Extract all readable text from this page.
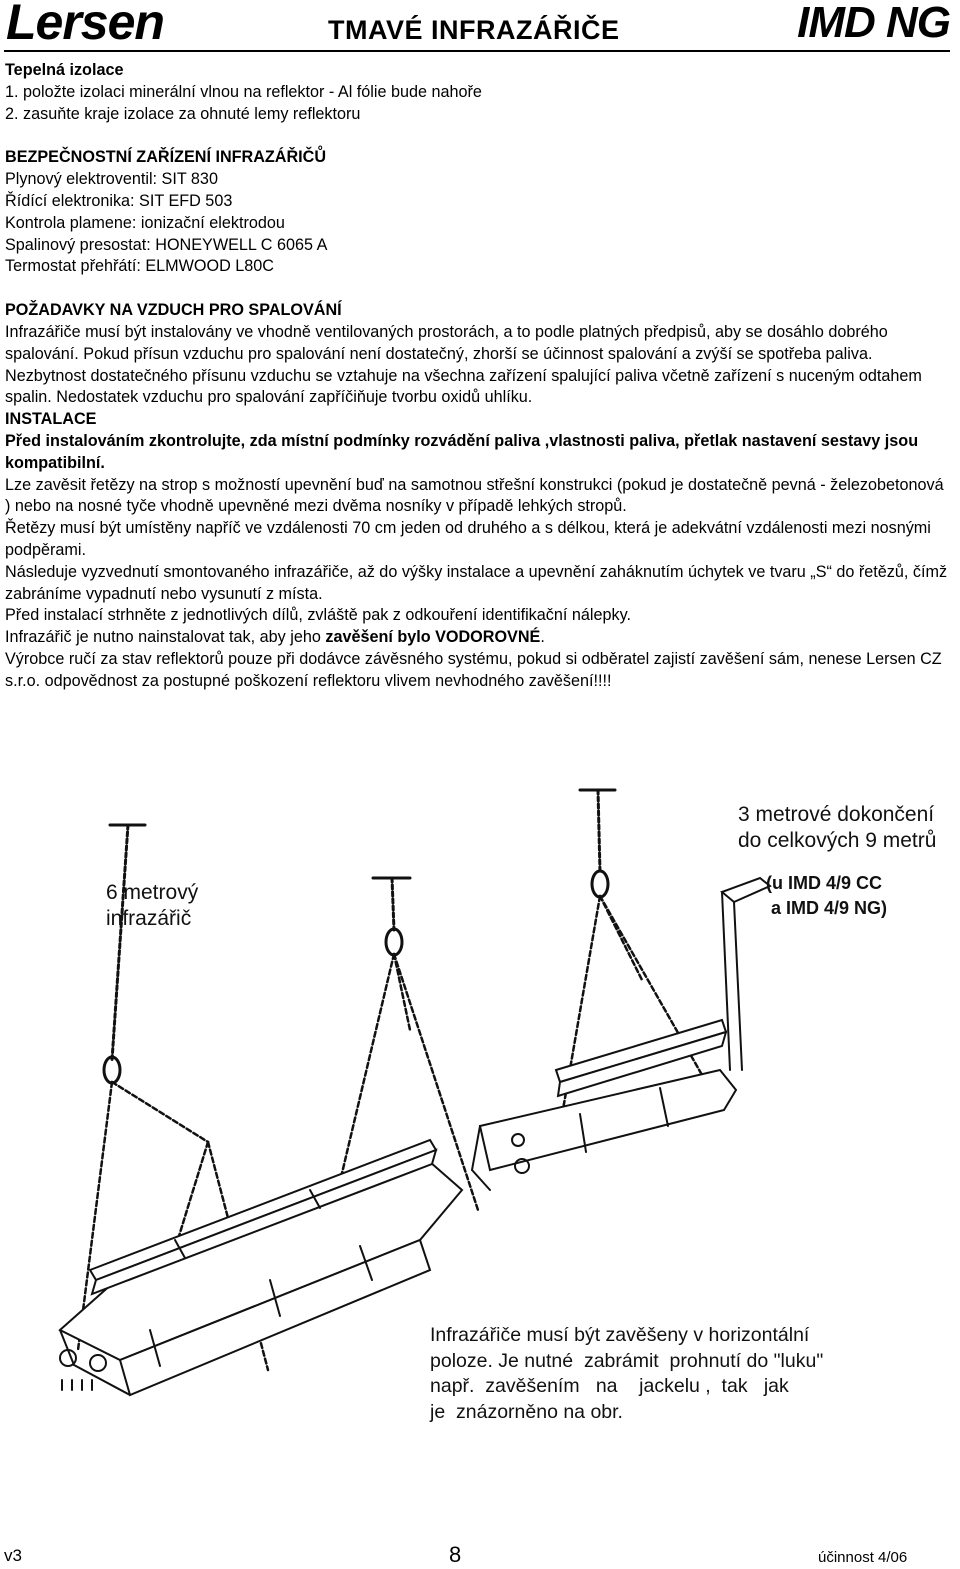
Lersen	TMAVÉ INFRAZÁŘIČE	IMD NG

Tepelná izolace

1. položte izolaci minerální vlnou na reflektor - Al fólie bude nahoře

2. zasuňte kraje izolace za ohnuté lemy reflektoru

BEZPEČNOSTNÍ ZAŘÍZENÍ INFRAZÁŘIČŮ

Plynový elektroventil: SIT 830

Řídící elektronika: SIT EFD 503

Kontrola plamene: ionizační elektrodou

Spalinový presostat: HONEYWELL C 6065 A

Termostat přehřátí: ELMWOOD L80C

POŽADAVKY NA VZDUCH PRO SPALOVÁNÍ

Infrazářiče musí být instalovány ve vhodně ventilovaných prostorách, a to podle platných předpisů, aby se dosáhlo dobrého spalování. Pokud přísun vzduchu pro spalování není dostatečný, zhorší se účinnost spalování a zvýší se spotřeba paliva. Nezbytnost dostatečného přísunu vzduchu se vztahuje na všechna zařízení spalující paliva včetně zařízení s nuceným odtahem spalin. Nedostatek vzduchu pro spalování zapříčiňuje tvorbu oxidů uhlíku.

INSTALACE

Před instalováním zkontrolujte, zda místní podmínky rozvádění paliva ,vlastnosti paliva, přetlak nastavení sestavy jsou kompatibilní.

Lze zavěsit řetězy na strop s možností upevnění buď na samotnou střešní konstrukci (pokud je dostatečně pevná - železobetonová ) nebo na nosné tyče vhodně upevněné mezi dvěma nosníky v případě lehkých stropů.

Řetězy musí být umístěny napříč ve vzdálenosti 70 cm jeden od druhého a s délkou, která je adekvátní vzdálenosti mezi nosnými podpěrami.

Následuje vyzvednutí smontovaného infrazářiče, až do výšky instalace a upevnění zaháknutím úchytek ve tvaru „S“ do řetězů, čímž zabráníme vypadnutí nebo vysunutí z místa.

Před instalací strhněte z jednotlivých dílů, zvláště pak z odkouření identifikační nálepky.

Infrazářič je nutno nainstalovat tak, aby jeho zavěšení bylo VODOROVNÉ.

Výrobce ručí za stav reflektorů pouze při dodávce závěsného systému, pokud si odběratel zajistí zavěšení sám, nenese Lersen CZ s.r.o. odpovědnost za postupné poškození reflektoru vlivem nevhodného zavěšení!!!!

6 metrový
infrazářič
3 metrové dokončení
do celkových 9 metrů
(u IMD 4/9 CC
a IMD 4/9 NG)
Infrazářiče musí být zavěšeny v horizontální
poloze. Je nutné  zabrámit  prohnutí do "luku"
např.  zavěšením   na    jackelu ,  tak   jak
je  znázorněno na obr.
v3	8	účinnost 4/06
